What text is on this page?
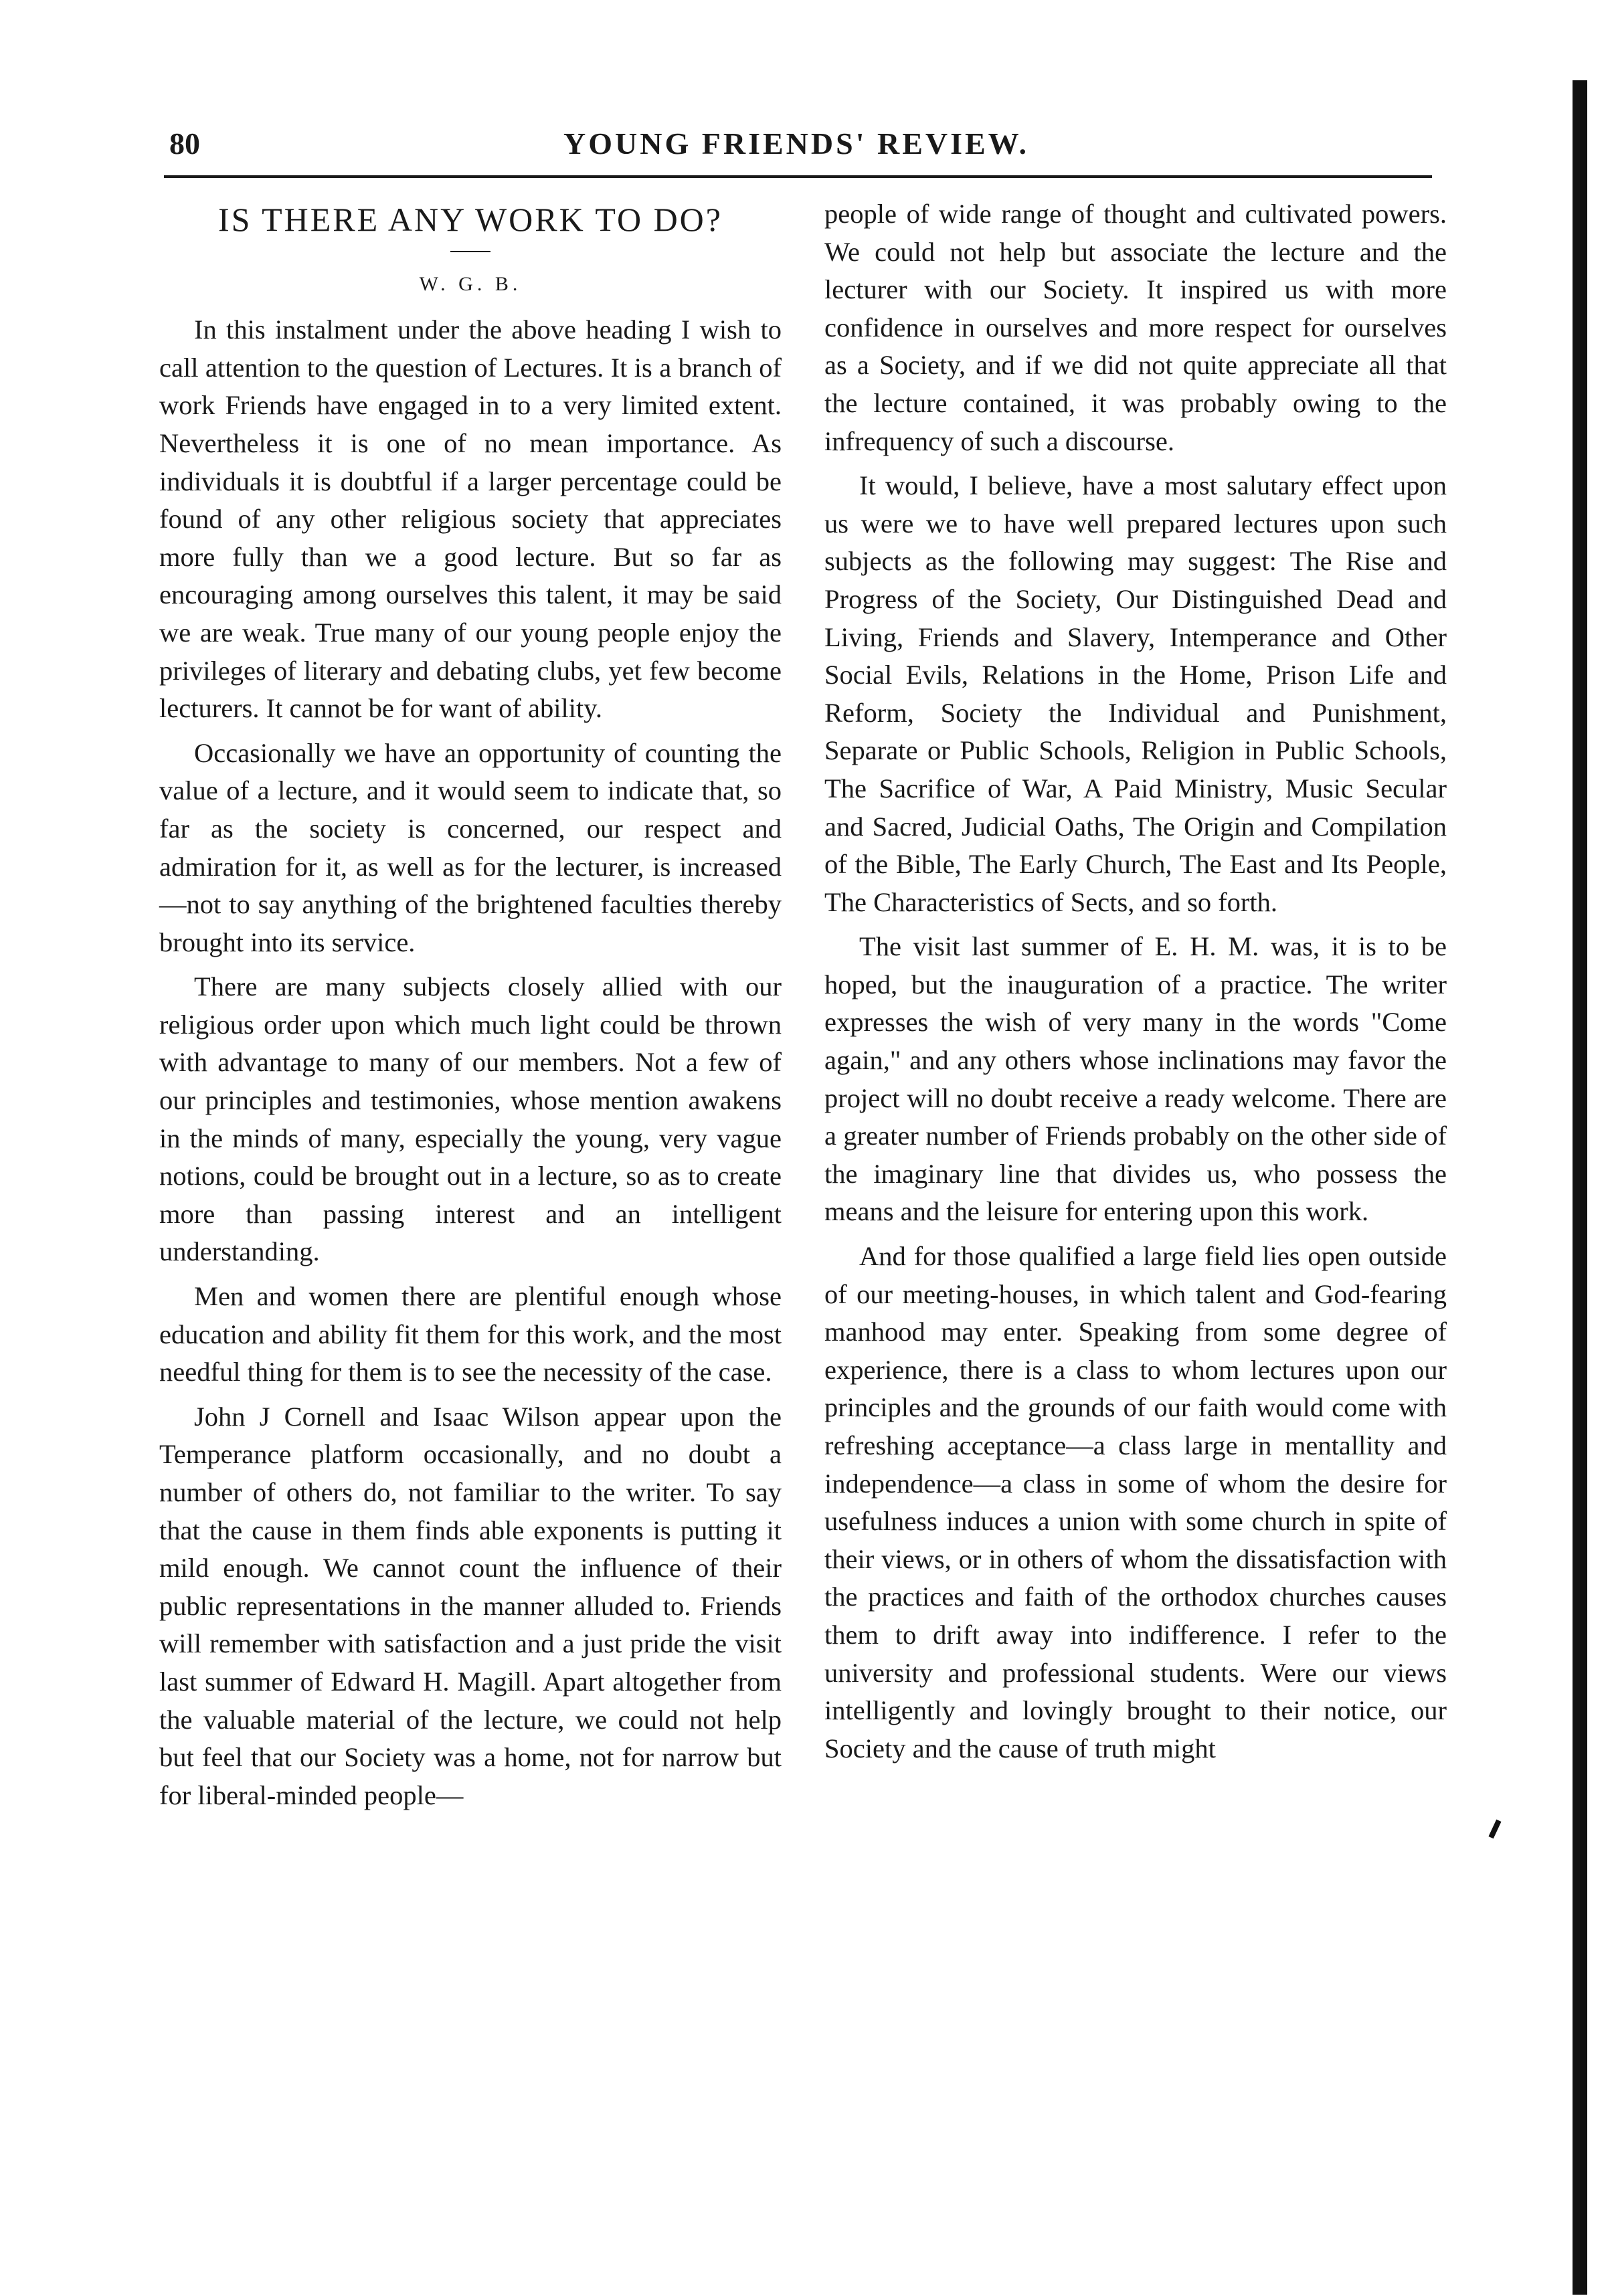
80	YOUNG FRIENDS' REVIEW.
IS THERE ANY WORK TO DO?
W. G. B.

In this instalment under the above heading I wish to call attention to the question of Lectures. It is a branch of work Friends have engaged in to a very limited extent. Nevertheless it is one of no mean importance. As individuals it is doubtful if a larger percentage could be found of any other religious society that appreciates more fully than we a good lecture. But so far as encouraging among ourselves this talent, it may be said we are weak. True many of our young people enjoy the privileges of literary and debating clubs, yet few become lecturers. It cannot be for want of ability.

Occasionally we have an opportunity of counting the value of a lecture, and it would seem to indicate that, so far as the society is concerned, our respect and admiration for it, as well as for the lecturer, is increased—not to say anything of the brightened faculties thereby brought into its service.

There are many subjects closely allied with our religious order upon which much light could be thrown with advantage to many of our members. Not a few of our principles and testimonies, whose mention awakens in the minds of many, especially the young, very vague notions, could be brought out in a lecture, so as to create more than passing interest and an intelligent understanding.

Men and women there are plentiful enough whose education and ability fit them for this work, and the most needful thing for them is to see the necessity of the case.

John J Cornell and Isaac Wilson appear upon the Temperance platform occasionally, and no doubt a number of others do, not familiar to the writer. To say that the cause in them finds able exponents is putting it mild enough. We cannot count the influence of their public representations in the manner alluded to. Friends will remember with satisfaction and a just pride the visit last summer of Edward H. Magill. Apart altogether from the valuable material of the lecture, we could not help but feel that our Society was a home, not for narrow but for liberal-minded people—

people of wide range of thought and cultivated powers. We could not help but associate the lecture and the lecturer with our Society. It inspired us with more confidence in ourselves and more respect for ourselves as a Society, and if we did not quite appreciate all that the lecture contained, it was probably owing to the infrequency of such a discourse.

It would, I believe, have a most salutary effect upon us were we to have well prepared lectures upon such subjects as the following may suggest: The Rise and Progress of the Society, Our Distinguished Dead and Living, Friends and Slavery, Intemperance and Other Social Evils, Relations in the Home, Prison Life and Reform, Society the Individual and Punishment, Separate or Public Schools, Religion in Public Schools, The Sacrifice of War, A Paid Ministry, Music Secular and Sacred, Judicial Oaths, The Origin and Compilation of the Bible, The Early Church, The East and Its People, The Characteristics of Sects, and so forth.

The visit last summer of E. H. M. was, it is to be hoped, but the inauguration of a practice. The writer expresses the wish of very many in the words "Come again," and any others whose inclinations may favor the project will no doubt receive a ready welcome. There are a greater number of Friends probably on the other side of the imaginary line that divides us, who possess the means and the leisure for entering upon this work.

And for those qualified a large field lies open outside of our meeting-houses, in which talent and God-fearing manhood may enter. Speaking from some degree of experience, there is a class to whom lectures upon our principles and the grounds of our faith would come with refreshing acceptance—a class large in mentallity and independence—a class in some of whom the desire for usefulness induces a union with some church in spite of their views, or in others of whom the dissatisfaction with the practices and faith of the orthodox churches causes them to drift away into indifference. I refer to the university and professional students. Were our views intelligently and lovingly brought to their notice, our Society and the cause of truth might
